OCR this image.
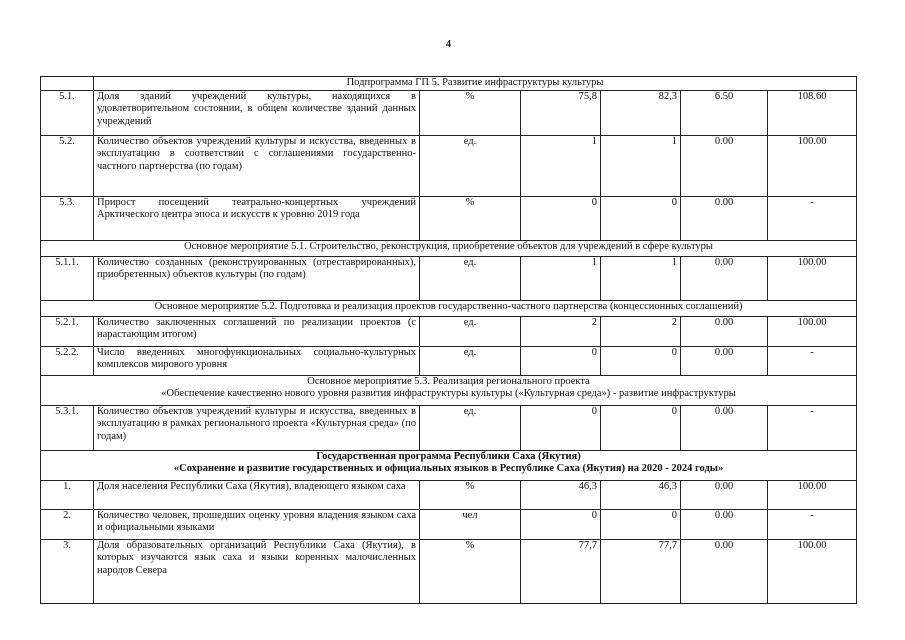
4
	Подпрограмма ГП 5. Развитие инфраструктуры культуры					
5.1.	Доля зданий учреждений культуры, находящихся в удовлетворительном состоянии, в общем количестве зданий данных учреждений	%	75,8	82,3	6.50	108.60
5.2.	Количество объектов учреждений культуры и искусства, введенных в эксплуатацию в соответствии с соглашениями государственно-частного партнерства (по годам)	ед.	1	1	0.00	100.00
5.3.	Прирост посещений театрально-концертных учреждений Арктического центра эпоса и искусств к уровню 2019 года	%	0	0	0.00	-
Основное мероприятие 5.1. Строительство, реконструкция, приобретение объектов для учреждений в сфере культуры						
5.1.1.	Количество созданных (реконструированных (отреставрированных), приобретенных) объектов культуры (по годам)	ед.	1	1	0.00	100.00
Основное мероприятие 5.2. Подготовка и реализация проектов государственно-частного партнерства (концессионных соглашений)						
5.2.1.	Количество заключенных соглашений по реализации проектов (с нарастающим итогом)	ед.	2	2	0.00	100.00
5.2.2.	Число введенных многофункциональных социально-культурных комплексов мирового уровня	ед.	0	0	0.00	-

Основное мероприятие 5.3. Реализация регионального проекта
«Обеспечение качественно нового уровня развития инфраструктуры культуры («Культурная среда») - развитие инфраструктуры						

5.3.1.	Количество объектов учреждений культуры и искусства, введенных в эксплуатацию в рамках регионального проекта «Культурная среда» (по годам)	ед.	0	0	0.00	-

Государственная программа Республики Саха (Якутия)
«Сохранение и развитие государственных и официальных языков в Республике Саха (Якутия) на 2020 - 2024 годы»						

1.	Доля населения Республики Саха (Якутия), владеющего языком саха	%	46,3	46,3	0.00	100.00
2.	Количество человек, прошедших оценку уровня владения языком саха и официальными языками	чел	0	0	0.00	-
3.	Доля образовательных организаций Республики Саха (Якутия), в которых изучаются язык саха и языки коренных малочисленных народов Севера	%	77,7	77,7	0.00	100.00
